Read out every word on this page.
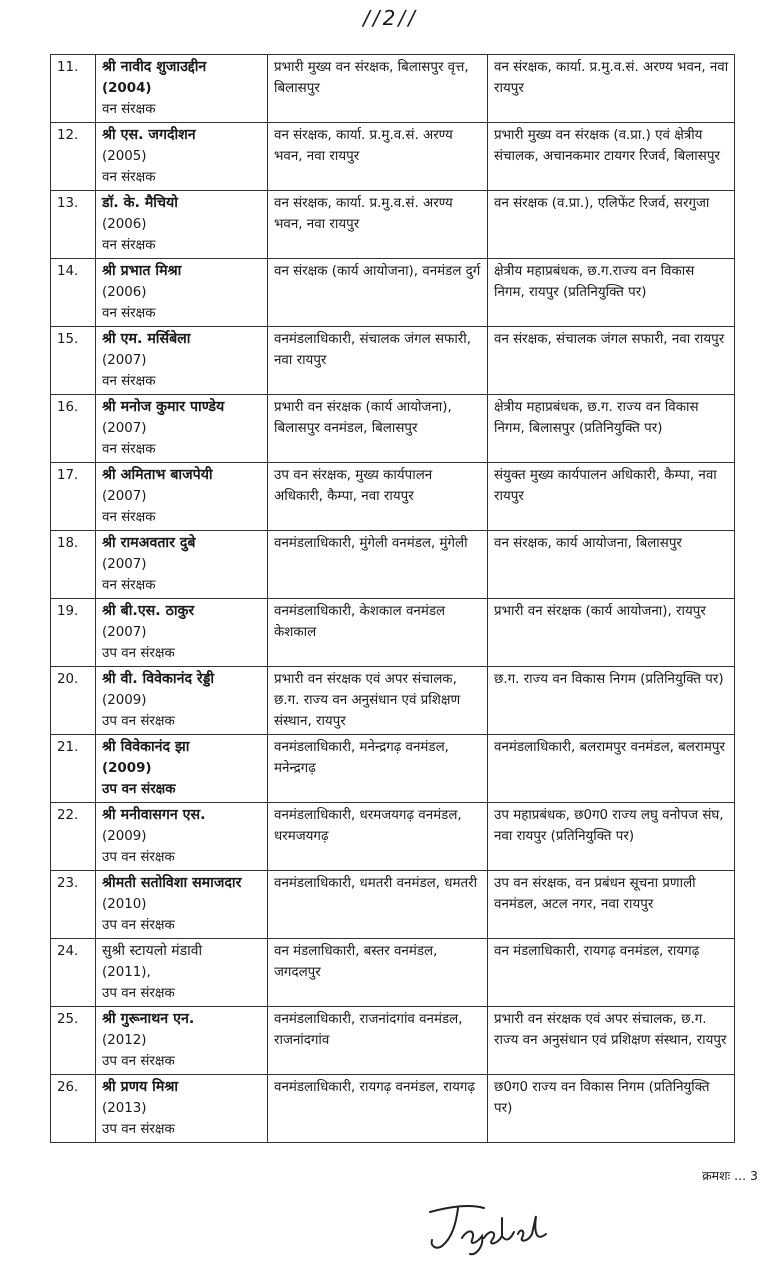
//2//
11.	श्री नावीद शुजाउद्दीन
(2004)
वन संरक्षक	प्रभारी मुख्य वन संरक्षक, बिलासपुर वृत्त, बिलासपुर	वन संरक्षक, कार्या. प्र.मु.व.सं. अरण्य भवन, नवा रायपुर
12.	श्री एस. जगदीशन
(2005)
वन संरक्षक	वन संरक्षक, कार्या. प्र.मु.व.सं. अरण्य भवन, नवा रायपुर	प्रभारी मुख्य वन संरक्षक (व.प्रा.) एवं क्षेत्रीय संचालक, अचानकमार टायगर रिजर्व, बिलासपुर
13.	डॉ. के. मैचियो
(2006)
वन संरक्षक	वन संरक्षक, कार्या. प्र.मु.व.सं. अरण्य भवन, नवा रायपुर	वन संरक्षक (व.प्रा.), एलिफेंट रिजर्व, सरगुजा
14.	श्री प्रभात मिश्रा
(2006)
वन संरक्षक	वन संरक्षक (कार्य आयोजना), वनमंडल दुर्ग	क्षेत्रीय महाप्रबंधक, छ.ग.राज्य वन विकास निगम, रायपुर (प्रतिनियुक्ति पर)
15.	श्री एम. मर्सिबेला
(2007)
वन संरक्षक	वनमंडलाधिकारी, संचालक जंगल सफारी, नवा रायपुर	वन संरक्षक, संचालक जंगल सफारी, नवा रायपुर
16.	श्री मनोज कुमार पाण्डेय
(2007)
वन संरक्षक	प्रभारी वन संरक्षक (कार्य आयोजना), बिलासपुर वनमंडल, बिलासपुर	क्षेत्रीय महाप्रबंधक, छ.ग. राज्य वन विकास निगम, बिलासपुर (प्रतिनियुक्ति पर)
17.	श्री अमिताभ बाजपेयी
(2007)
वन संरक्षक	उप वन संरक्षक, मुख्य कार्यपालन अधिकारी, कैम्पा, नवा रायपुर	संयुक्त मुख्य कार्यपालन अधिकारी, कैम्पा, नवा रायपुर
18.	श्री रामअवतार दुबे
(2007)
वन संरक्षक	वनमंडलाधिकारी, मुंगेली वनमंडल, मुंगेली	वन संरक्षक, कार्य आयोजना, बिलासपुर
19.	श्री बी.एस. ठाकुर
(2007)
उप वन संरक्षक	वनमंडलाधिकारी, केशकाल वनमंडल केशकाल	प्रभारी वन संरक्षक (कार्य आयोजना), रायपुर
20.	श्री वी. विवेकानंद रेड्डी
(2009)
उप वन संरक्षक	प्रभारी वन संरक्षक एवं अपर संचालक, छ.ग. राज्य वन अनुसंधान एवं प्रशिक्षण संस्थान, रायपुर	छ.ग. राज्य वन विकास निगम (प्रतिनियुक्ति पर)
21.	श्री विवेकानंद झा
(2009)
उप वन संरक्षक	वनमंडलाधिकारी, मनेन्द्रगढ़ वनमंडल, मनेन्द्रगढ़	वनमंडलाधिकारी, बलरामपुर वनमंडल, बलरामपुर
22.	श्री मनीवासगन एस.
(2009)
उप वन संरक्षक	वनमंडलाधिकारी, धरमजयगढ़ वनमंडल, धरमजयगढ़	उप महाप्रबंधक, छ0ग0 राज्य लघु वनोपज संघ, नवा रायपुर (प्रतिनियुक्ति पर)
23.	श्रीमती सतोविशा समाजदार
(2010)
उप वन संरक्षक	वनमंडलाधिकारी, धमतरी वनमंडल, धमतरी	उप वन संरक्षक, वन प्रबंधन सूचना प्रणाली वनमंडल, अटल नगर, नवा रायपुर
24.	सुश्री स्टायलो मंडावी
(2011),
उप वन संरक्षक	वन मंडलाधिकारी, बस्तर वनमंडल, जगदलपुर	वन मंडलाधिकारी, रायगढ़ वनमंडल, रायगढ़
25.	श्री गुरूनाथन एन.
(2012)
उप वन संरक्षक	वनमंडलाधिकारी, राजनांदगांव वनमंडल, राजनांदगांव	प्रभारी वन संरक्षक एवं अपर संचालक, छ.ग. राज्य वन अनुसंधान एवं प्रशिक्षण संस्थान, रायपुर
26.	श्री प्रणय मिश्रा
(2013)
उप वन संरक्षक	वनमंडलाधिकारी, रायगढ़ वनमंडल, रायगढ़	छ0ग0 राज्य वन विकास निगम (प्रतिनियुक्ति पर)
क्रमशः ... 3
